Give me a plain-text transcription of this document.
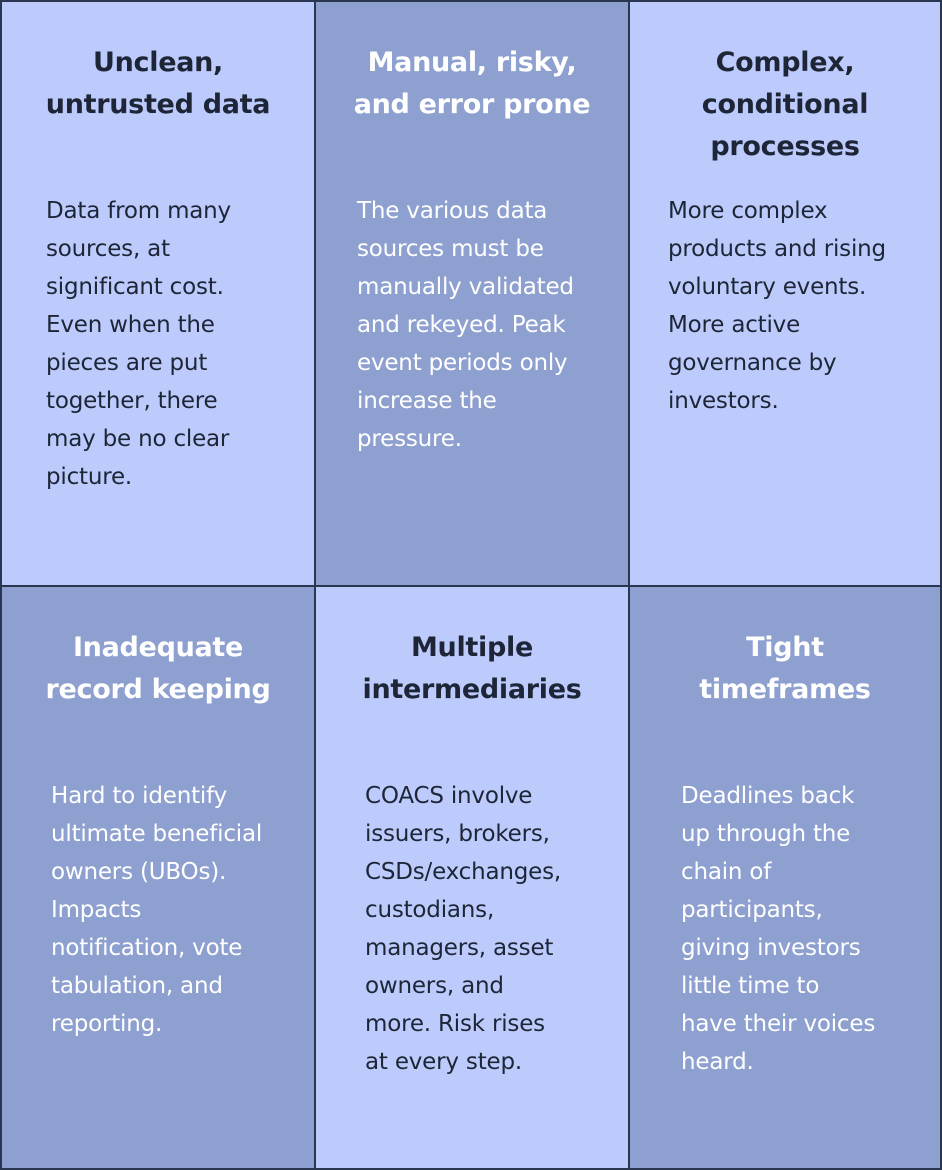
Unclean,
untrusted data

Data from many
sources, at
significant cost.
Even when the
pieces are put
together, there
may be no clear
picture.

Manual, risky,
and error prone

The various data
sources must be
manually validated
and rekeyed. Peak
event periods only
increase the
pressure.

Complex,
conditional
processes

More complex
products and rising
voluntary events.
More active
governance by
investors.

Inadequate
record keeping

Hard to identify
ultimate beneficial
owners (UBOs).
Impacts
notification, vote
tabulation, and
reporting.

Multiple
intermediaries

COACS involve
issuers, brokers,
CSDs/exchanges,
custodians,
managers, asset
owners, and
more. Risk rises
at every step.

Tight
timeframes

Deadlines back
up through the
chain of
participants,
giving investors
little time to
have their voices
heard.
